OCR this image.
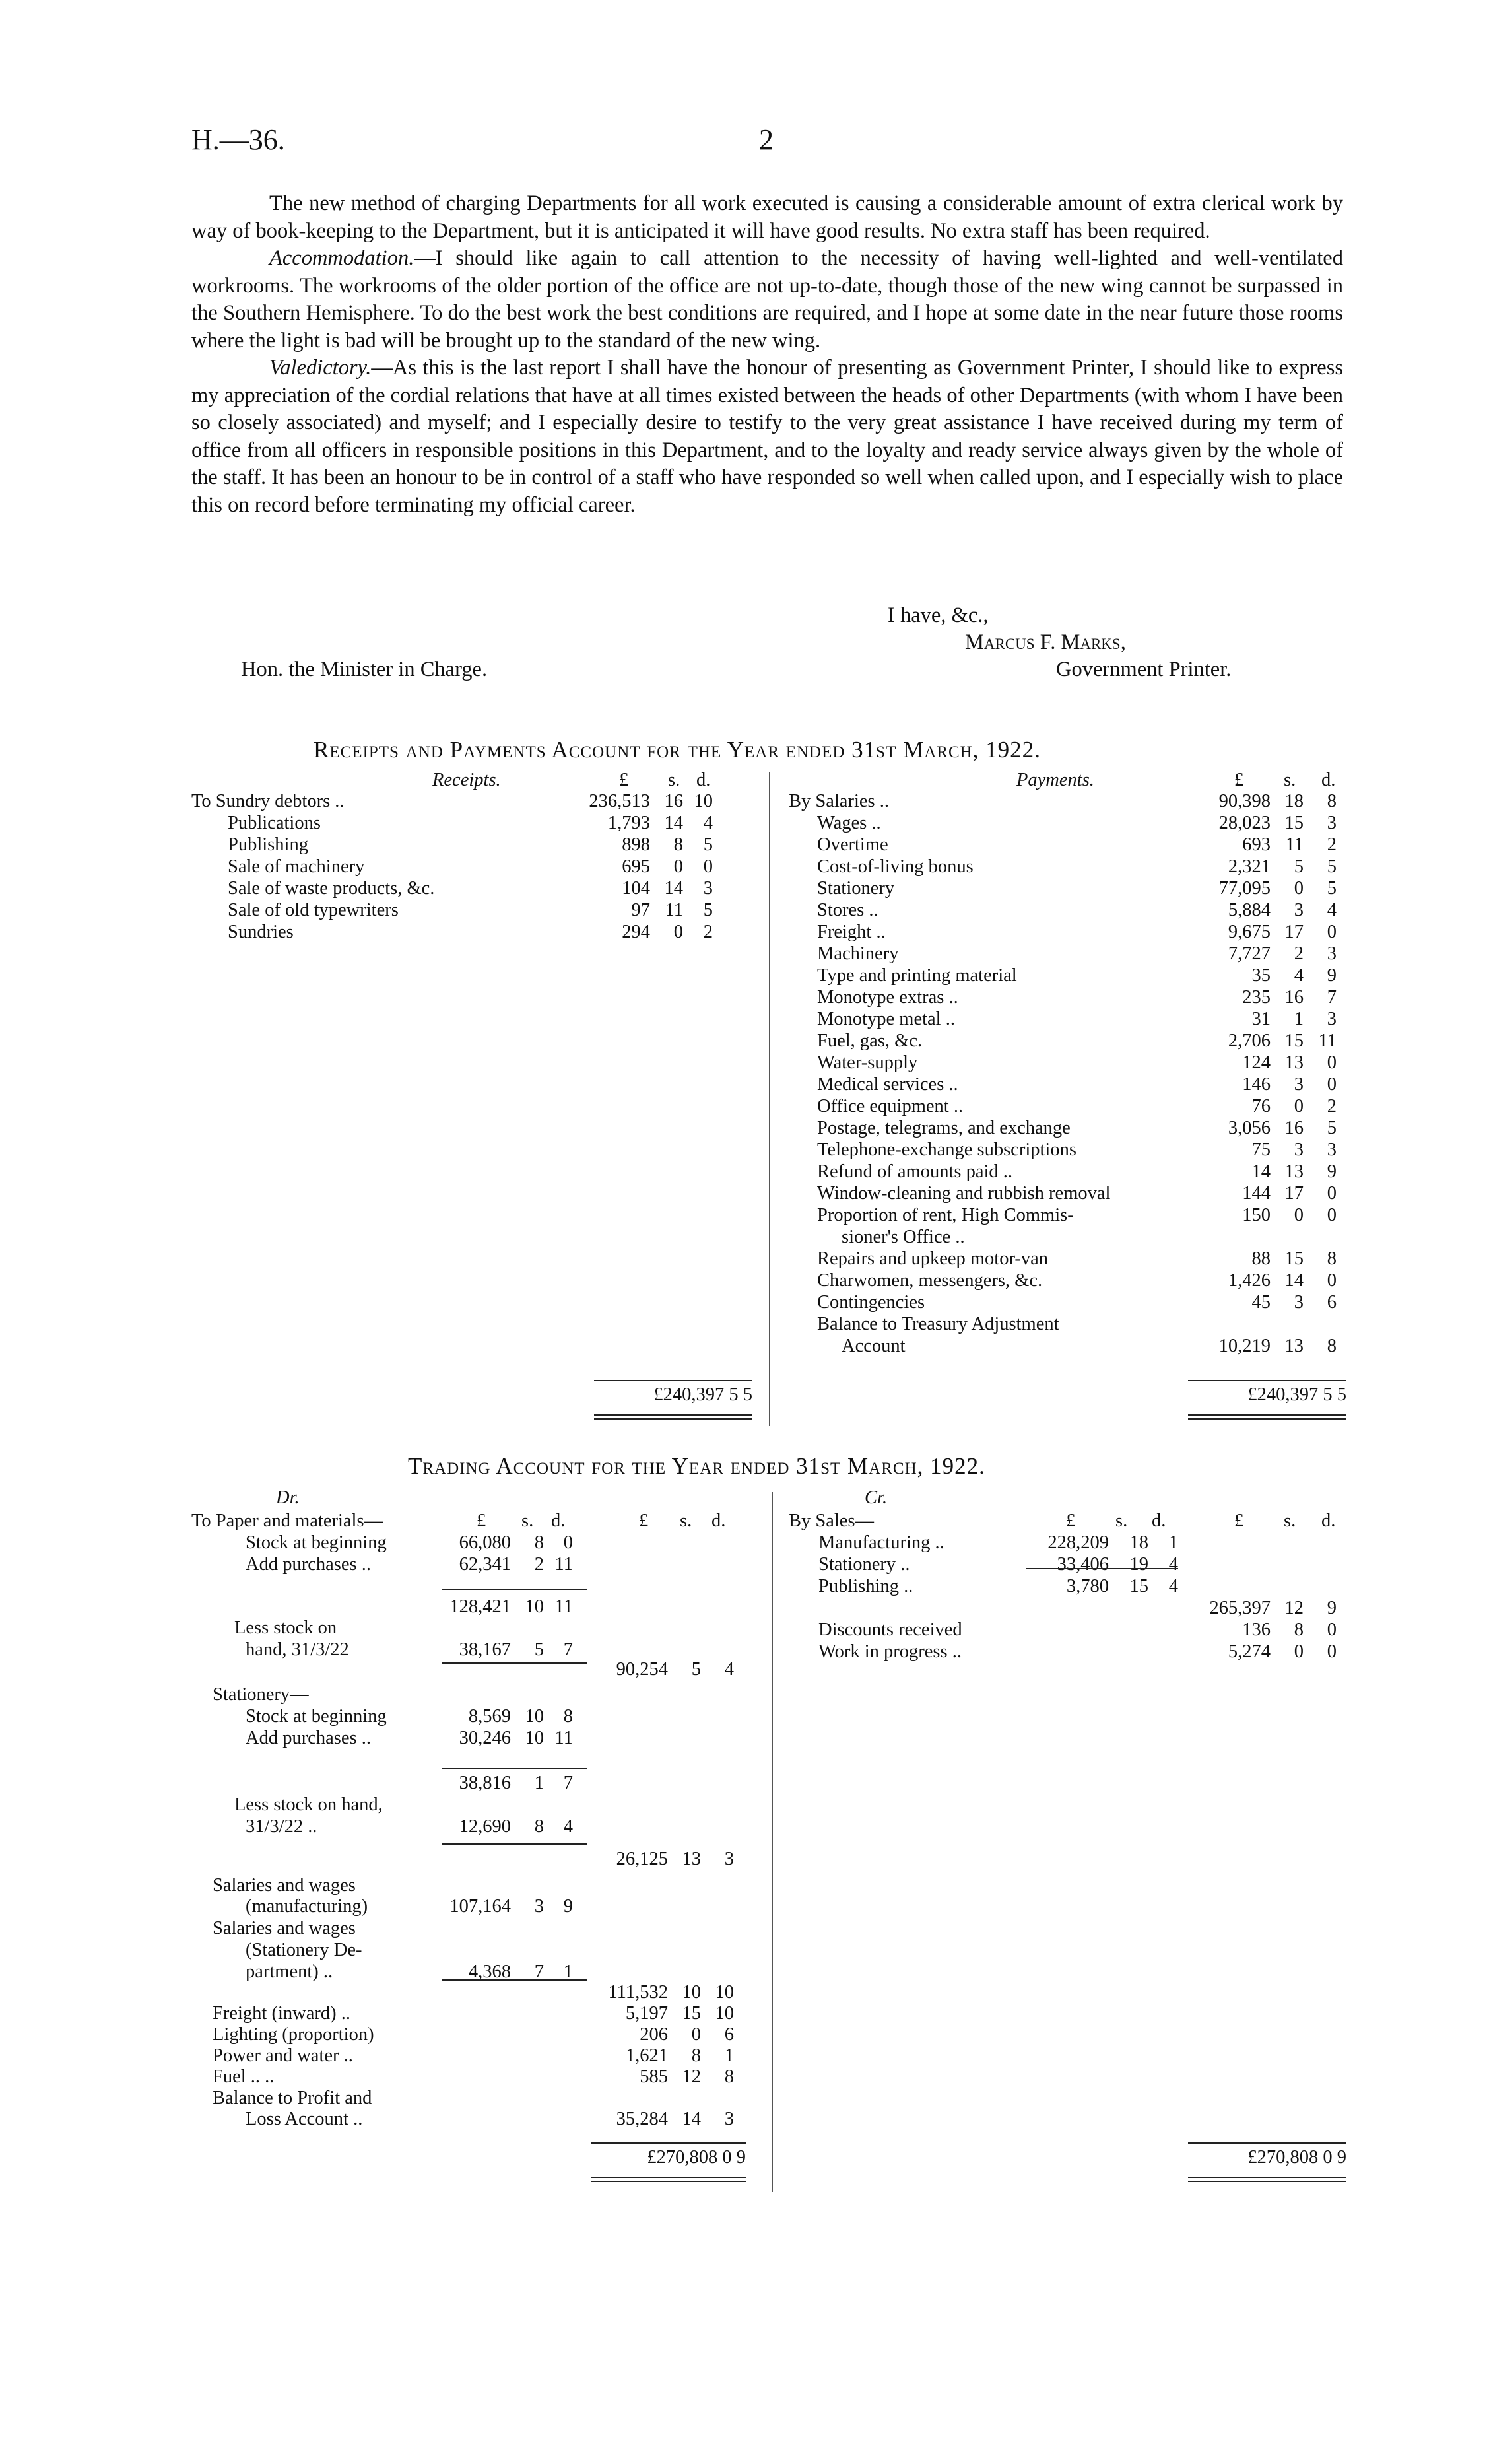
H.—36.	2

The new method of charging Departments for all work executed is causing a considerable amount of extra clerical work by way of book-keeping to the Department, but it is anticipated it will have good results. No extra staff has been required.

Accommodation.—I should like again to call attention to the necessity of having well-lighted and well-ventilated workrooms. The workrooms of the older portion of the office are not up-to-date, though those of the new wing cannot be surpassed in the Southern Hemisphere. To do the best work the best conditions are required, and I hope at some date in the near future those rooms where the light is bad will be brought up to the standard of the new wing.

Valedictory.—As this is the last report I shall have the honour of presenting as Government Printer, I should like to express my appreciation of the cordial relations that have at all times existed between the heads of other Departments (with whom I have been so closely associated) and myself; and I especially desire to testify to the very great assistance I have received during my term of office from all officers in responsible positions in this Department, and to the loyalty and ready service always given by the whole of the staff. It has been an honour to be in control of a staff who have responded so well when called upon, and I especially wish to place this on record before terminating my official career.

I have, &c.,
Marcus F. Marks,
Hon. the Minister in Charge.	Government Printer.
Receipts and Payments Account for the Year ended 31st March, 1922.
Receipts.	Payments.
£ s. d.	£ s. d.
To Sundry debtors ..	236,513 16 10
Publications	1,793 14	4
Publishing	898	8	5
Sale of machinery	695	0	0
Sale of waste products, &c.	104 14	3
Sale of old typewriters	97 11	5
Sundries	294	0	2
By Salaries ..	90,398 18	8
Wages ..	28,023 15	3
Overtime	693 11	2
Cost-of-living bonus	2,321	5	5
Stationery	77,095	0	5
Stores ..	5,884	3	4
Freight ..	9,675 17	0
Machinery	7,727	2	3
Type and printing material	35	4	9
Monotype extras ..	235 16	7
Monotype metal ..	31	1	3
Fuel, gas, &c.	2,706 15 11
Water-supply	124 13	0
Medical services ..	146	3	0
Office equipment ..	76	0	2
Postage, telegrams, and exchange	3,056 16	5
Telephone-exchange subscriptions	75	3	3
Refund of amounts paid ..	14 13	9
Window-cleaning and rubbish removal	144 17	0
Proportion of rent, High Commis-	150	0	0
sioner's Office ..
Repairs and upkeep motor-van	88 15	8
Charwomen, messengers, &c.	1,426 14	0
Contingencies	45	3	6
Balance to Treasury Adjustment
Account	10,219 13	8
£240,397 5 5	£240,397 5 5
Trading Account for the Year ended 31st March, 1922.
Dr.	Cr.
£ s. d.	£ s. d.	£ s. d.	£ s. d.
To Paper and materials—
Stock at beginning	66,080	8	0
Add purchases ..	62,341	2 11
128,421 10 11
Less stock on
hand, 31/3/22	38,167	5	7
90,254	5	4
Stationery—
Stock at beginning	8,569 10	8
Add purchases ..	30,246 10 11
38,816	1	7
Less stock on hand,
31/3/22 ..	12,690	8	4
26,125 13	3
Salaries and wages
(manufacturing)	107,164	3	9
Salaries and wages
(Stationery De-
partment) ..	4,368	7	1
111,532 10 10
Freight (inward) ..	5,197 15 10
Lighting (proportion)	206	0	6
Power and water ..	1,621	8	1
Fuel .. ..	585 12	8
Balance to Profit and
Loss Account ..	35,284 14	3
By Sales—
Manufacturing ..	228,209	18	1
Stationery ..	33,406	19	4
Publishing ..	3,780	15	4
265,397 12	9
Discounts received	136	8	0
Work in progress ..	5,274	0	0
£270,808 0 9	£270,808 0 9
